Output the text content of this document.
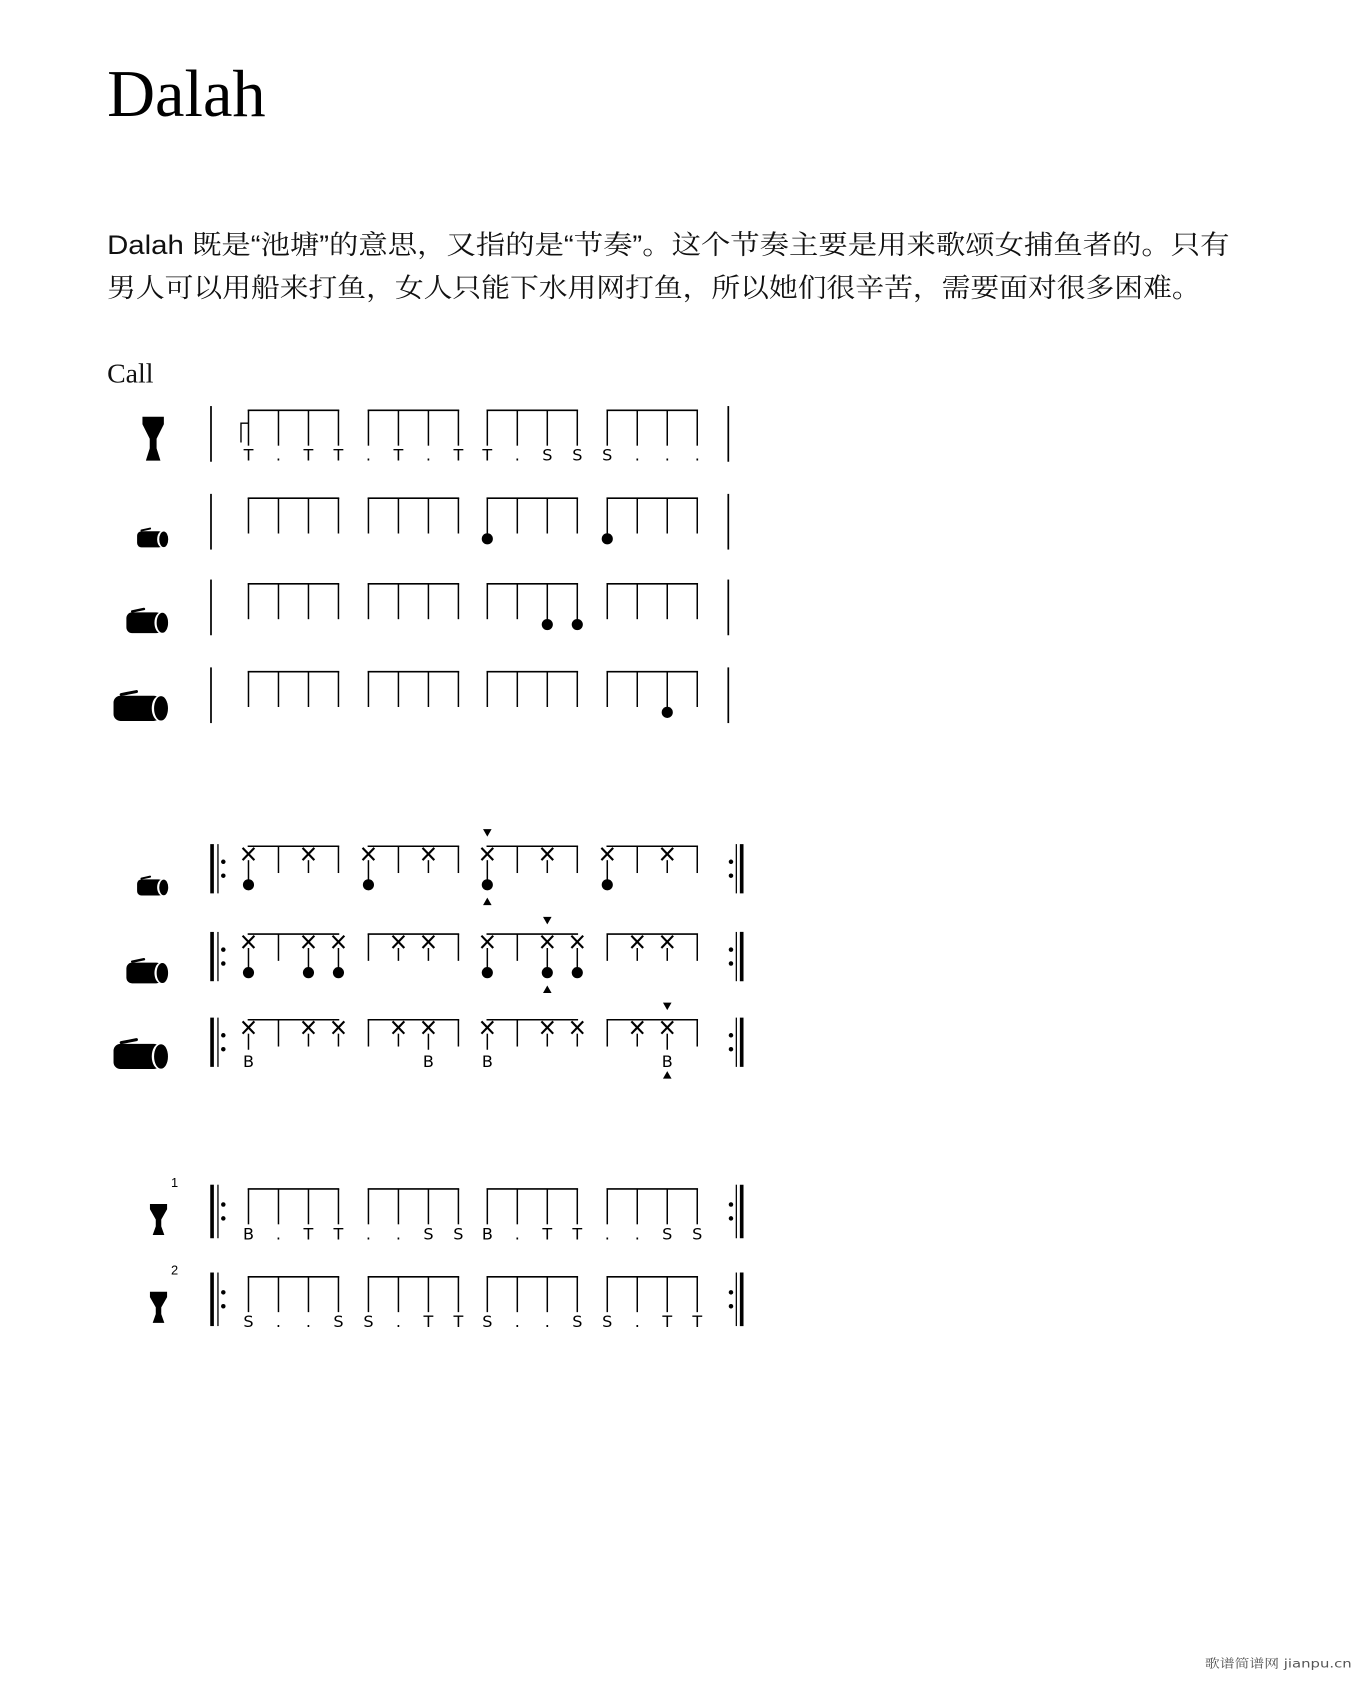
Dalah
Dalah 既是“池塘”的意思，又指的是“节奏”。这个节奏主要是用来歌颂女捕鱼者的。只有
男人可以用船来打鱼，女人只能下水用网打鱼，所以她们很辛苦，需要面对很多困难。
Call
T . T T . T . T T . S S S . . .
B	B	B	B
1
B . T T . . S S B . T T . . S S
2
S . . S S . T T S . . S S . T T
歌谱简谱网 jianpu.cn
